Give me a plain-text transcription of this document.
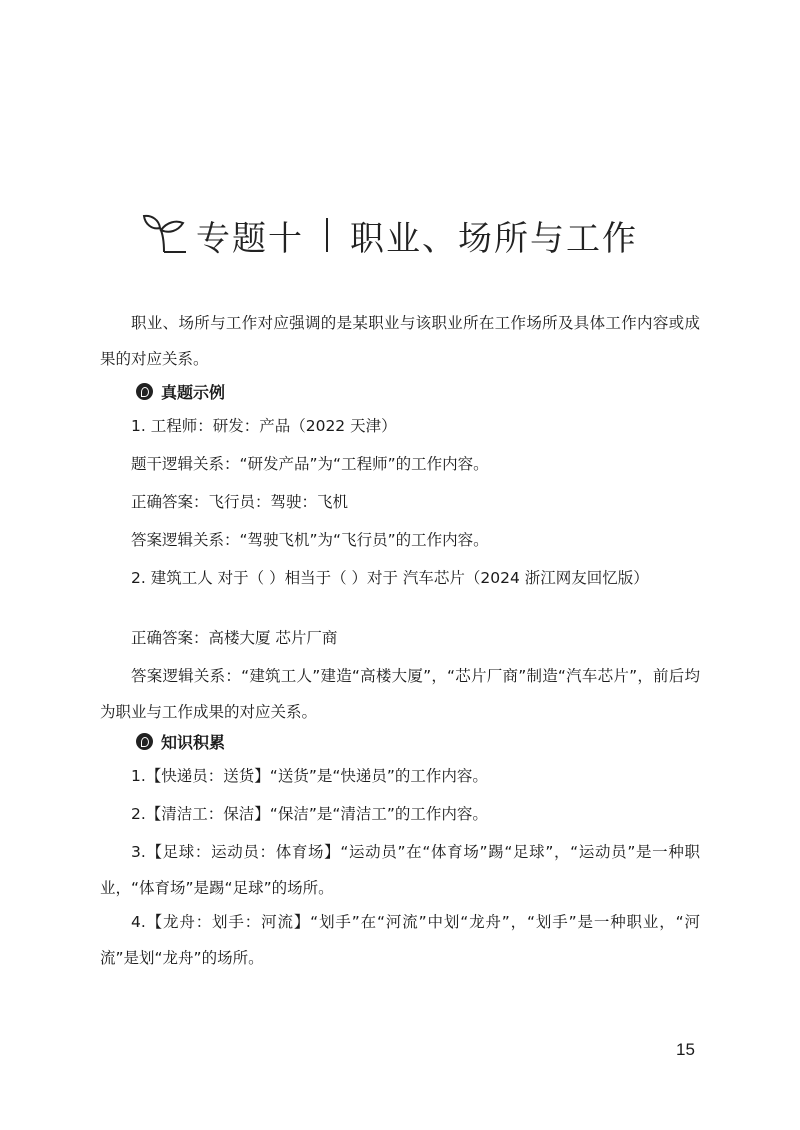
专题十 职业、场所与工作
职业、场所与工作对应强调的是某职业与该职业所在工作场所及具体工作内容或成果的对应关系。
真题示例
1. 工程师：研发：产品（2022 天津）
题干逻辑关系：“研发产品”为“工程师”的工作内容。
正确答案：飞行员：驾驶：飞机
答案逻辑关系：“驾驶飞机”为“飞行员”的工作内容。
2. 建筑工人 对于（ ）相当于（ ）对于 汽车芯片（2024 浙江网友回忆版）
正确答案：高楼大厦 芯片厂商
答案逻辑关系：“建筑工人”建造“高楼大厦”，“芯片厂商”制造“汽车芯片”，前后均为职业与工作成果的对应关系。
知识积累
1.【快递员：送货】“送货”是“快递员”的工作内容。
2.【清洁工：保洁】“保洁”是“清洁工”的工作内容。
3.【足球：运动员：体育场】“运动员”在“体育场”踢“足球”，“运动员”是一种职业，“体育场”是踢“足球”的场所。
4.【龙舟：划手：河流】“划手”在“河流”中划“龙舟”，“划手”是一种职业，“河流”是划“龙舟”的场所。
15
